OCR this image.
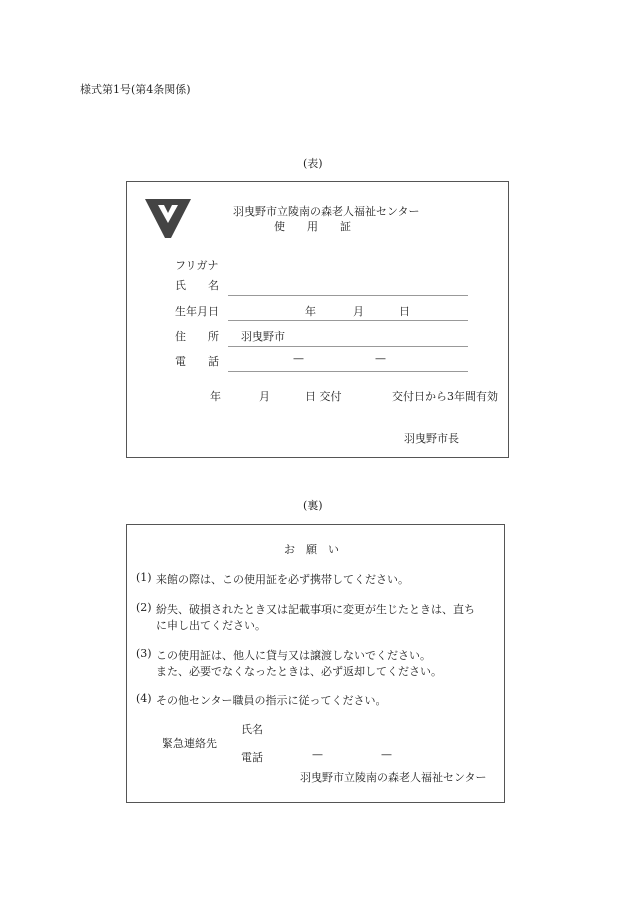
様式第1号(第4条関係)
(表)
羽曳野市立陵南の森老人福祉センター
使　　用　　証
フリガナ
氏　　名
生年月日	年	月	日
住　　所 羽曳野市
電　　話	—	—
年	月	日 交付	交付日から3年間有効
羽曳野市長
(裏)
お　願　い
(1) 来館の際は、この使用証を必ず携帯してください。
(2) 紛失、破損されたとき又は記載事項に変更が生じたときは、直ち
に申し出てください。
(3) この使用証は、他人に貸与又は譲渡しないでください。
また、必要でなくなったときは、必ず返却してください。
(4) その他センター職員の指示に従ってください。
緊急連絡先
氏名
電話	—	—
羽曳野市立陵南の森老人福祉センター
